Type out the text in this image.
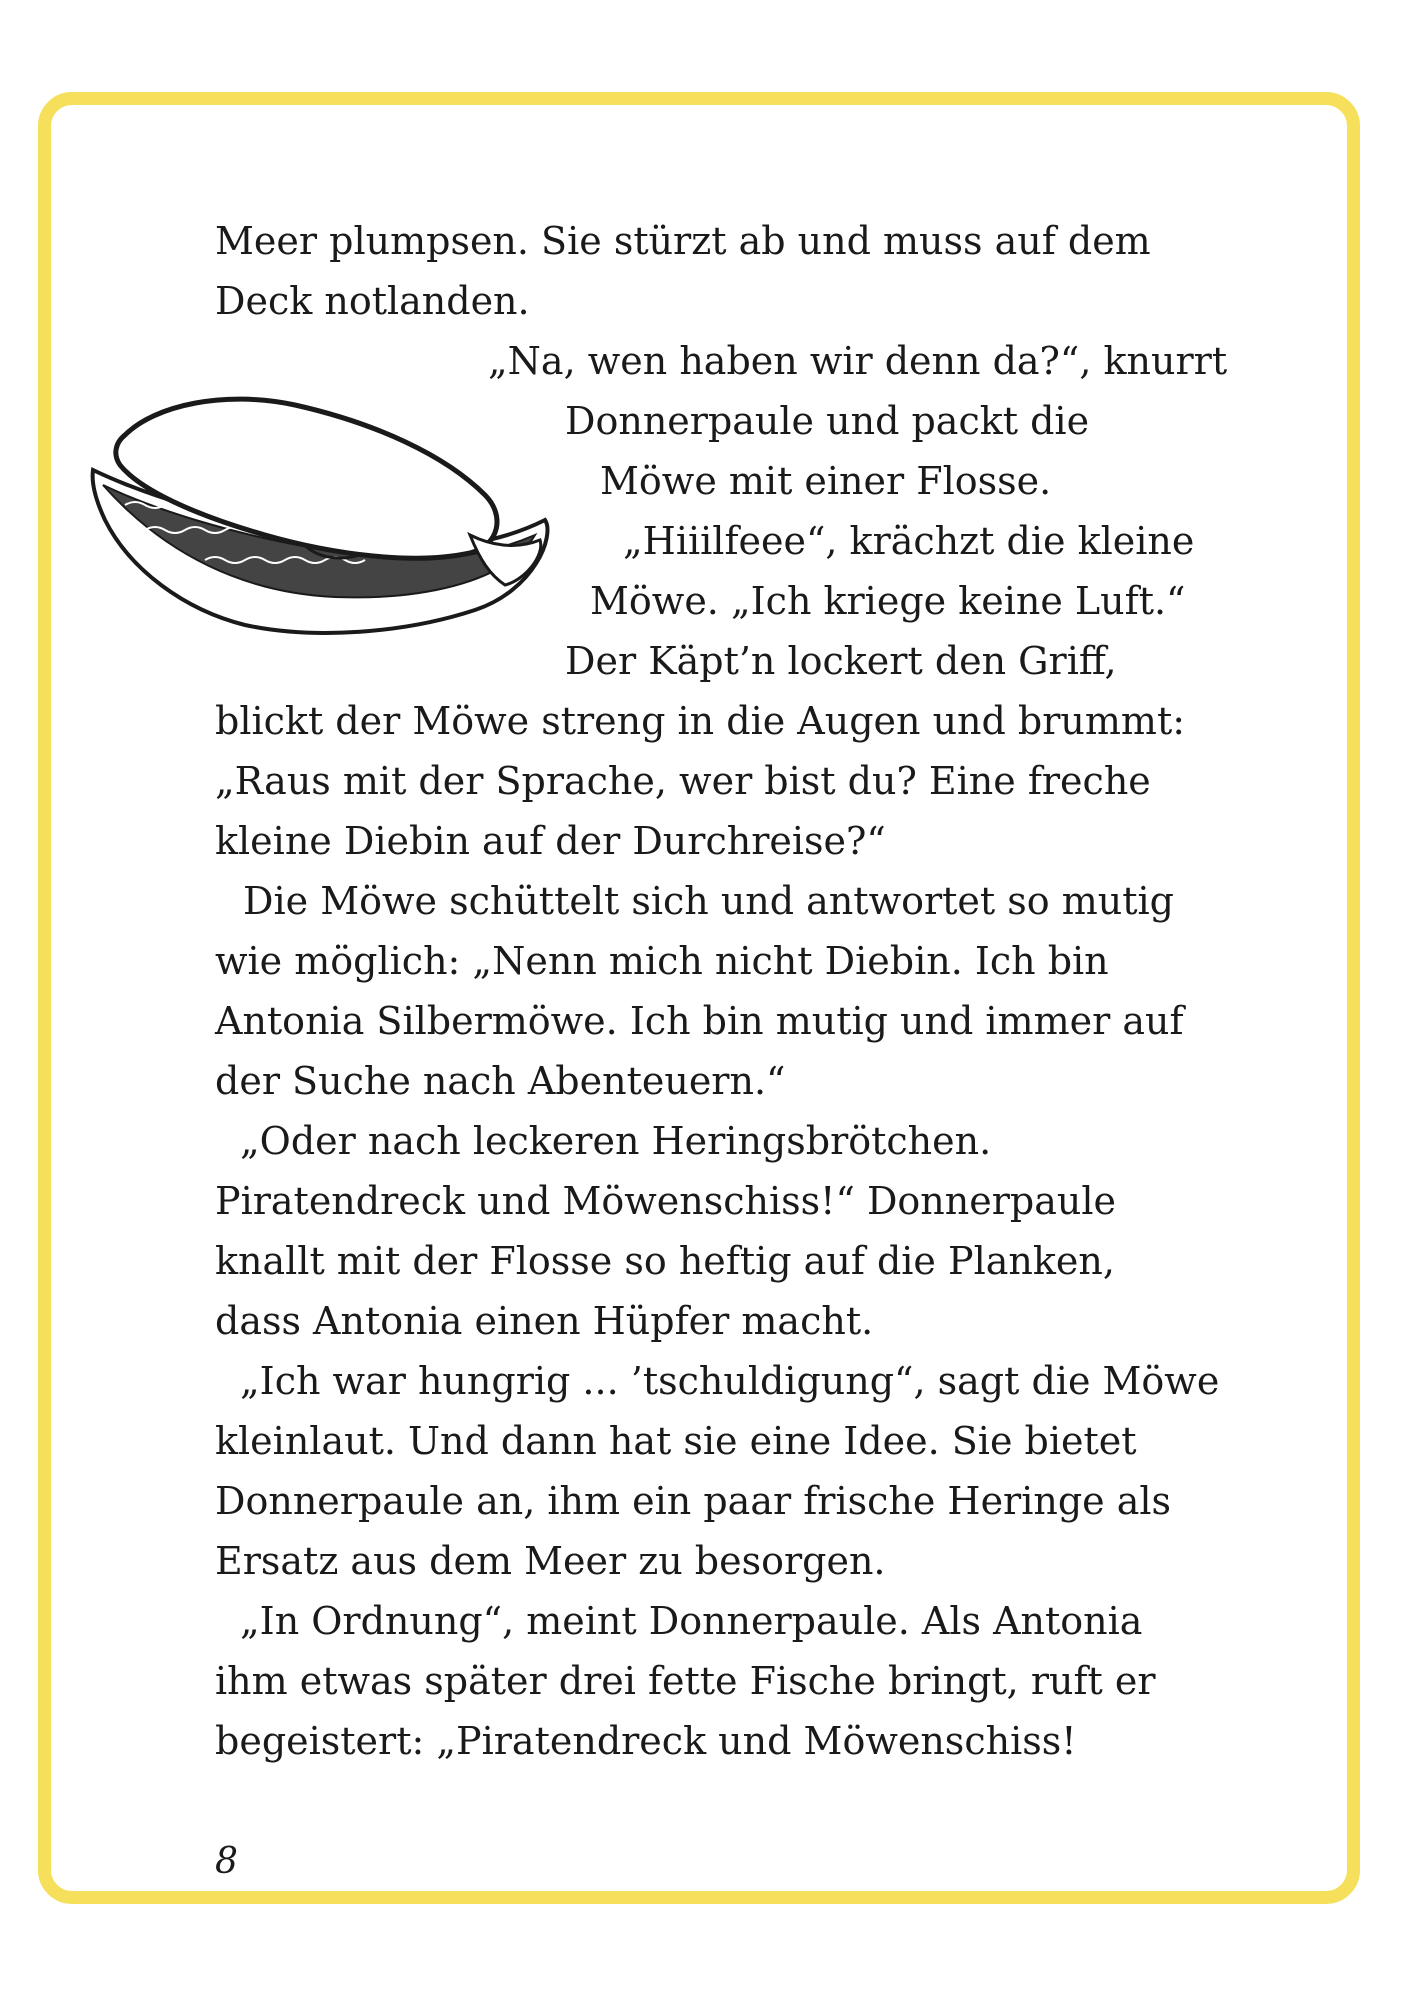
Meer plumpsen. Sie stürzt ab und muss auf dem

Deck notlanden.

„Na, wen haben wir denn da?“, knurrt

Donnerpaule und packt die

Möwe mit einer Flosse.

„Hiiilfeee“, krächzt die kleine

Möwe. „Ich kriege keine Luft.“

Der Käpt’n lockert den Griff,

blickt der Möwe streng in die Augen und brummt:

„Raus mit der Sprache, wer bist du? Eine freche

kleine Diebin auf der Durchreise?“

Die Möwe schüttelt sich und antwortet so mutig

wie möglich: „Nenn mich nicht Diebin. Ich bin

Antonia Silbermöwe. Ich bin mutig und immer auf

der Suche nach Abenteuern.“

„Oder nach leckeren Heringsbrötchen.

Piratendreck und Möwenschiss!“ Donnerpaule

knallt mit der Flosse so heftig auf die Planken,

dass Antonia einen Hüpfer macht.

„Ich war hungrig ... ’tschuldigung“, sagt die Möwe

kleinlaut. Und dann hat sie eine Idee. Sie bietet

Donnerpaule an, ihm ein paar frische Heringe als

Ersatz aus dem Meer zu besorgen.

„In Ordnung“, meint Donnerpaule. Als Antonia

ihm etwas später drei fette Fische bringt, ruft er

begeistert: „Piratendreck und Möwenschiss!

8
